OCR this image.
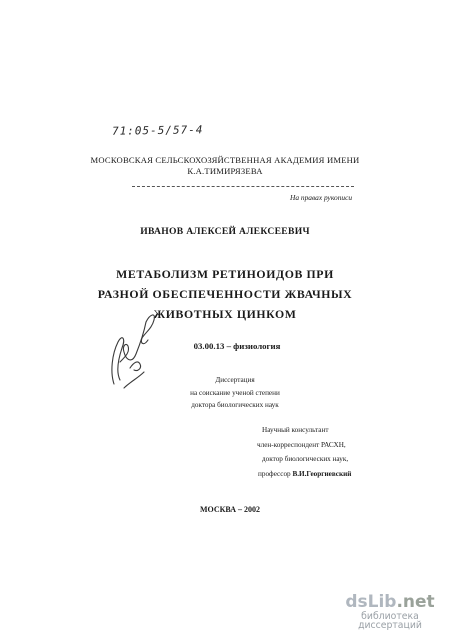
71:05-5/57-4
МОСКОВСКАЯ СЕЛЬСКОХОЗЯЙСТВЕННАЯ АКАДЕМИЯ ИМЕНИ
К.А.ТИМИРЯЗЕВА
На правах рукописи
ИВАНОВ АЛЕКСЕЙ АЛЕКСЕЕВИЧ
МЕТАБОЛИЗМ РЕТИНОИДОВ ПРИ
РАЗНОЙ ОБЕСПЕЧЕННОСТИ ЖВАЧНЫХ
ЖИВОТНЫХ ЦИНКОМ
03.00.13 – физиология
Диссертация
на соискание ученой степени
доктора биологических наук
Научный консультант
член-корреспондент РАСХН,
доктор биологических наук,
профессор В.И.Георгиевский
МОСКВА – 2002
dsLib.net
библиотека диссертаций
